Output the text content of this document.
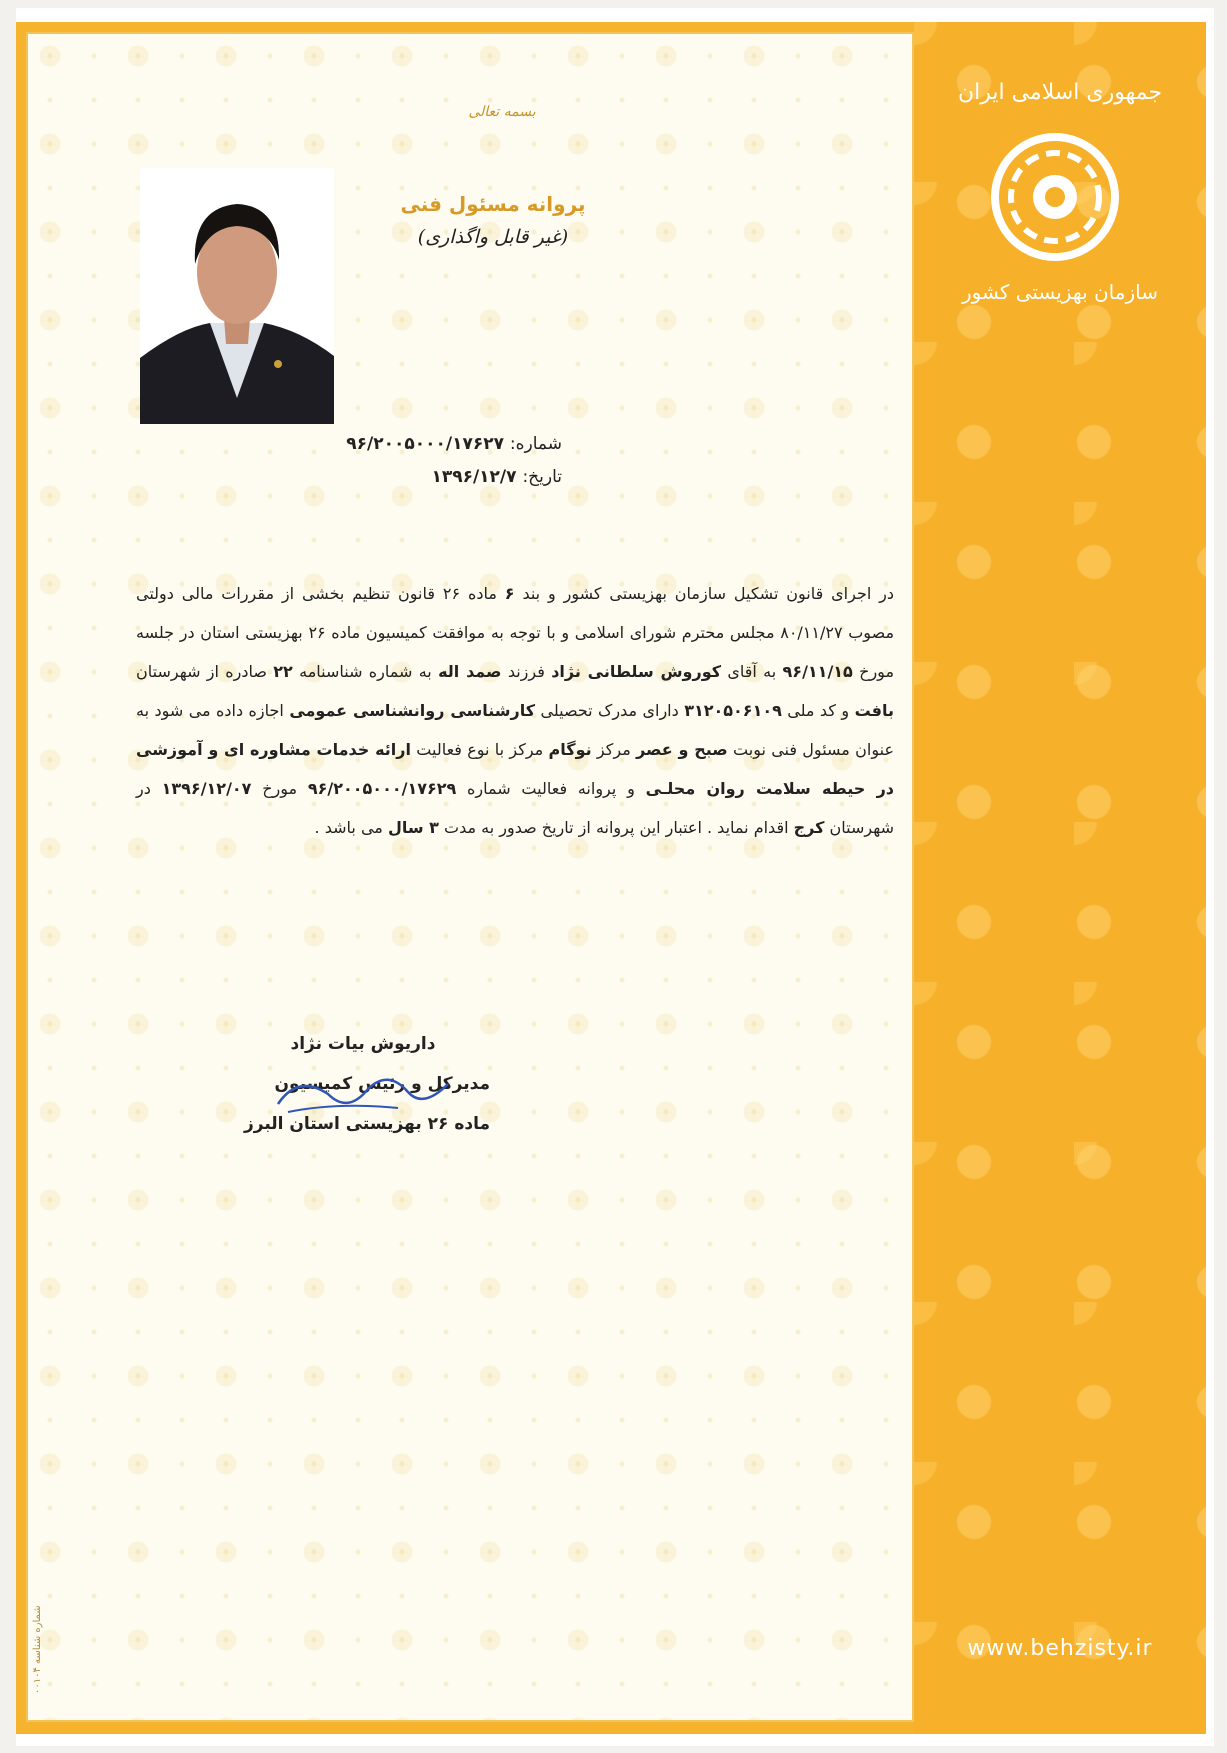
بسمه تعالی
پروانه مسئول فنی
(غیر قابل واگذاری)
شماره: ۹۶/۲۰۰۵۰۰۰/۱۷۶۲۷
تاریخ: ۱۳۹۶/۱۲/۷
در اجرای قانون تشکیل سازمان بهزیستی کشور و بند ۶ ماده ۲۶ قانون تنظیم بخشی از مقررات مالی دولتی مصوب ۸۰/۱۱/۲۷ مجلس محترم شورای اسلامی و با توجه به موافقت کمیسیون ماده ۲۶ بهزیستی استان در جلسه مورخ ۹۶/۱۱/۱۵ به آقای کوروش سلطانی نژاد فرزند صمد اله به شماره شناسنامه ۲۲ صادره از شهرستان بافت و کد ملی ۳۱۲۰۵۰۶۱۰۹ دارای مدرک تحصیلی کارشناسی روانشناسی عمومی اجازه داده می شود به عنوان مسئول فنی نوبت صبح و عصر مرکز نوگام مرکز با نوع فعالیت ارائه خدمات مشاوره ای و آموزشی در حیطه سلامت روان محلـی و پروانه فعالیت شماره ۹۶/۲۰۰۵۰۰۰/۱۷۶۲۹ مورخ ۱۳۹۶/۱۲/۰۷ در شهرستان کرج اقدام نماید . اعتبار این پروانه از تاریخ صدور به مدت ۳ سال می باشد .
داریوش بیات نژاد
مدیرکل و رئیس کمیسیون
ماده ۲۶ بهزیستی استان البرز
شماره شناسه ۰۰۱۰۴
جمهوری اسلامی ایران
سازمان بهزیستی کشور
www.behzisty.ir
